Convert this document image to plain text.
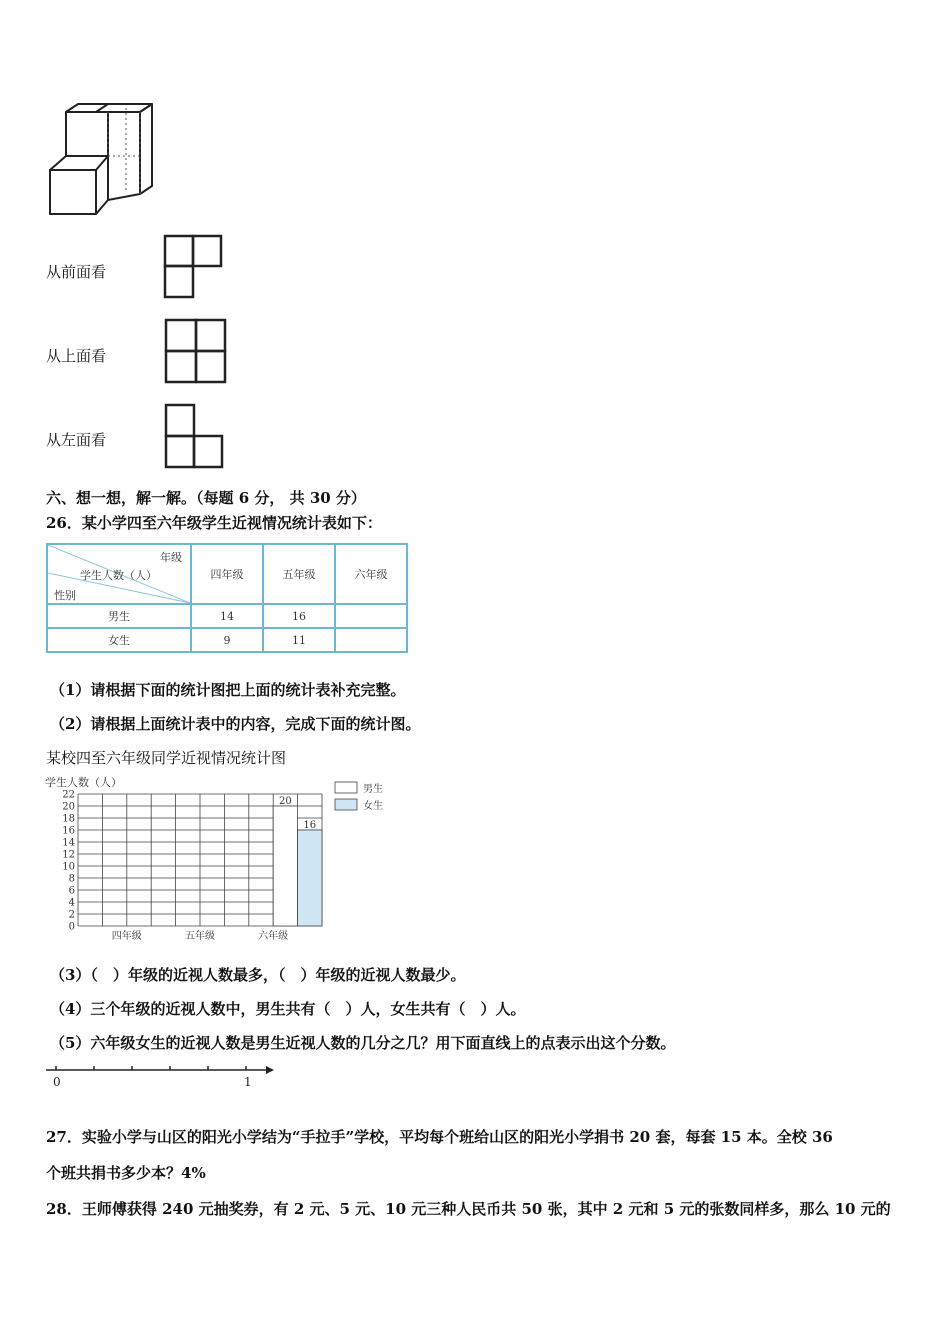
从前面看
从上面看
从左面看
六、想一想，解一解。（每题 6 分， 共 30 分）
26．某小学四至六年级学生近视情况统计表如下：
年级
学生人数（人）
性别	四年级	五年级	六年级
男生	14	16	
女生	9	11	
（1）请根据下面的统计图把上面的统计表补充完整。
（2）请根据上面统计表中的内容，完成下面的统计图。
某校四至六年级同学近视情况统计图
学生人数（人）
0
2
4
6
8
10
12
14
16
18
20
22
20
16
四年级	五年级	六年级
男生
女生
（3）（　）年级的近视人数最多，（　）年级的近视人数最少。
（4）三个年级的近视人数中，男生共有（　）人，女生共有（　）人。
（5）六年级女生的近视人数是男生近视人数的几分之几？用下面直线上的点表示出这个分数。
0	1
27．实验小学与山区的阳光小学结为“手拉手”学校，平均每个班给山区的阳光小学捐书 20 套，每套 15 本。全校 36
个班共捐书多少本？4%
28．王师傅获得 240 元抽奖券，有 2 元、5 元、10 元三种人民币共 50 张，其中 2 元和 5 元的张数同样多，那么 10 元的
